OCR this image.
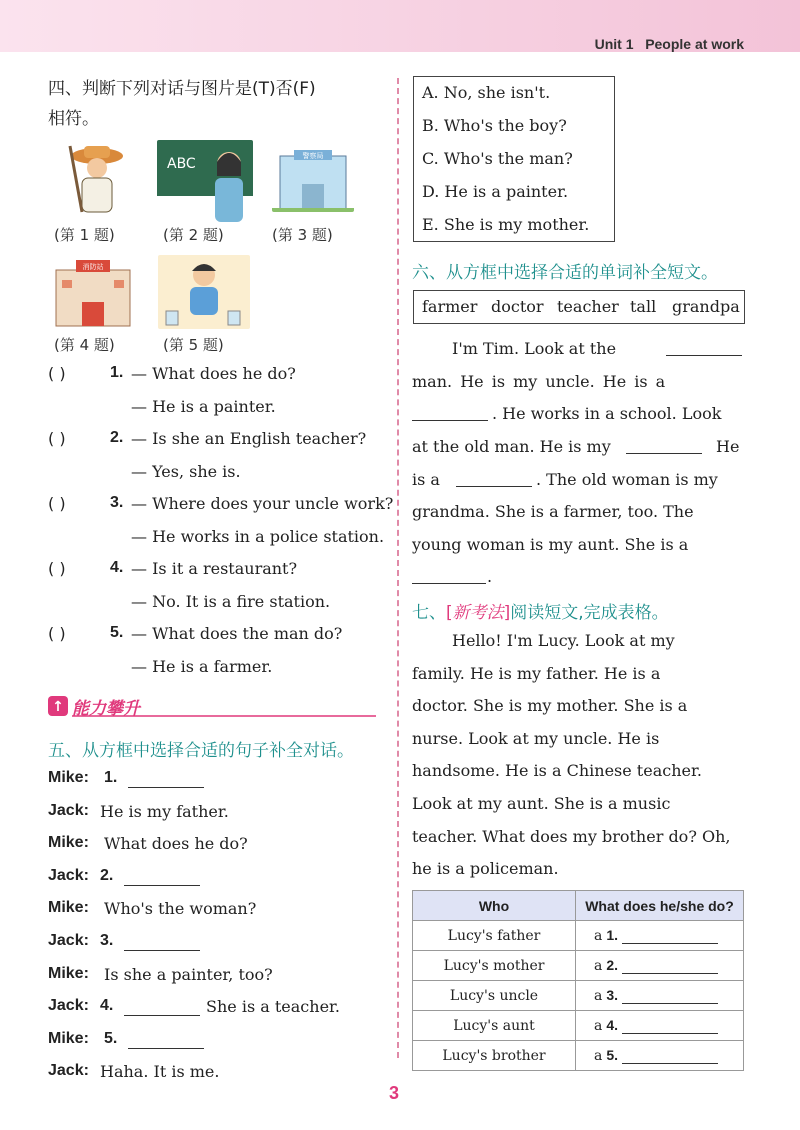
Unit 1 People at work
四、判断下列对话与图片是(T)否(F)
相符。
ABC	警察局
消防站
(第 1 题)	(第 2 题)	(第 3 题)
(第 4 题)	(第 5 题)
( )	1. — What does he do?
— He is a painter.
( )	2. — Is she an English teacher?
— Yes, she is.
( )	3. — Where does your uncle work?
— He works in a police station.
( )	4. — Is it a restaurant?
— No. It is a fire station.
( )	5. — What does the man do?
— He is a farmer.
↑ 能力攀升
五、从方框中选择合适的句子补全对话。
Mike: 1.
Jack: He is my father.
Mike: What does he do?
Jack: 2.
Mike: Who's the woman?
Jack: 3.
Mike: Is she a painter, too?
Jack: 4.	She is a teacher.
Mike: 5.
Jack: Haha. It is me.
A. No, she isn't.
B. Who's the boy?
C. Who's the man?
D. He is a painter.
E. She is my mother.
六、从方框中选择合适的单词补全短文。
farmer doctor teacher tall grandpa
I'm Tim. Look at the
man. He is my uncle. He is a
. He works in a school. Look
at the old man. He is my	He
is a	. The old woman is my
grandma. She is a farmer, too. The
young woman is my aunt. She is a
.
七、[新考法]阅读短文,完成表格。
Hello! I'm Lucy. Look at my
family. He is my father. He is a
doctor. She is my mother. She is a
nurse. Look at my uncle. He is
handsome. He is a Chinese teacher.
Look at my aunt. She is a music
teacher. What does my brother do? Oh,
he is a policeman.
Who	What does he/she do?
Lucy's father	a 1.
Lucy's mother	a 2.
Lucy's uncle	a 3.
Lucy's aunt	a 4.
Lucy's brother	a 5.
3
